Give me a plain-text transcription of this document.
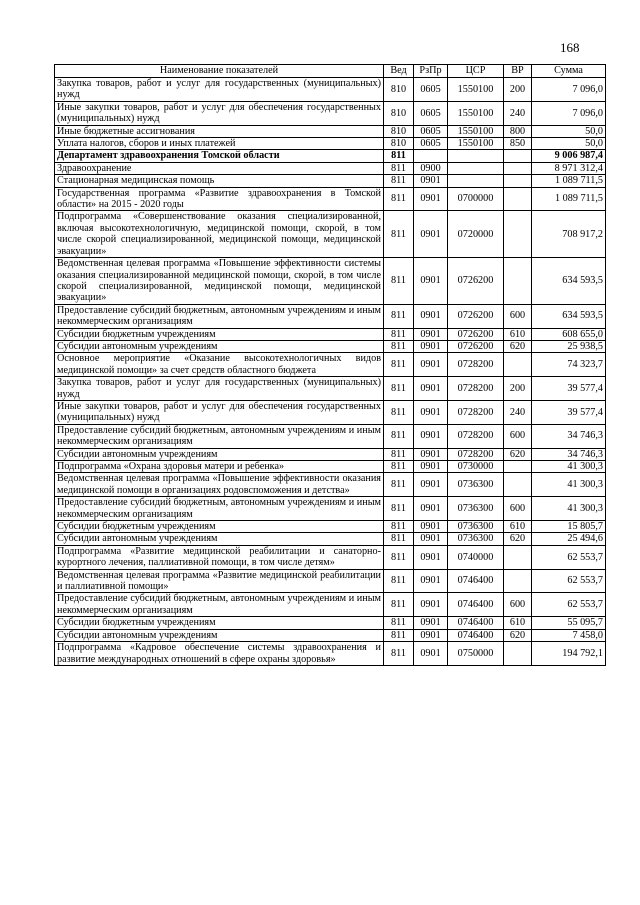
168
Наименование показателей	Вед	РзПр	ЦСР	ВР	Сумма
Закупка товаров, работ и услуг для государственных (муниципальных) нужд	810	0605	1550100	200	7 096,0
Иные закупки товаров, работ и услуг для обеспечения государственных (муниципальных) нужд	810	0605	1550100	240	7 096,0
Иные бюджетные ассигнования	810	0605	1550100	800	50,0
Уплата налогов, сборов и иных платежей	810	0605	1550100	850	50,0
Департамент здравоохранения Томской области	811				9 006 987,4
Здравоохранение	811	0900			8 971 312,4
Стационарная медицинская помощь	811	0901			1 089 711,5
Государственная программа «Развитие здравоохранения в Томской области» на 2015 - 2020 годы	811	0901	0700000		1 089 711,5
Подпрограмма «Совершенствование оказания специализированной, включая высокотехнологичную, медицинской помощи, скорой, в том числе скорой специализированной, медицинской помощи, медицинской эвакуации»	811	0901	0720000		708 917,2
Ведомственная целевая программа «Повышение эффективности системы оказания специализированной медицинской помощи, скорой, в том числе скорой специализированной, медицинской помощи, медицинской эвакуации»	811	0901	0726200		634 593,5
Предоставление субсидий бюджетным, автономным учреждениям и иным некоммерческим организациям	811	0901	0726200	600	634 593,5
Субсидии бюджетным учреждениям	811	0901	0726200	610	608 655,0
Субсидии автономным учреждениям	811	0901	0726200	620	25 938,5
Основное мероприятие «Оказание высокотехнологичных видов медицинской помощи» за счет средств областного бюджета	811	0901	0728200		74 323,7
Закупка товаров, работ и услуг для государственных (муниципальных) нужд	811	0901	0728200	200	39 577,4
Иные закупки товаров, работ и услуг для обеспечения государственных (муниципальных) нужд	811	0901	0728200	240	39 577,4
Предоставление субсидий бюджетным, автономным учреждениям и иным некоммерческим организациям	811	0901	0728200	600	34 746,3
Субсидии автономным учреждениям	811	0901	0728200	620	34 746,3
Подпрограмма «Охрана здоровья матери и ребенка»	811	0901	0730000		41 300,3
Ведомственная целевая программа «Повышение эффективности оказания медицинской помощи в организациях родовспоможения и детства»	811	0901	0736300		41 300,3
Предоставление субсидий бюджетным, автономным учреждениям и иным некоммерческим организациям	811	0901	0736300	600	41 300,3
Субсидии бюджетным учреждениям	811	0901	0736300	610	15 805,7
Субсидии автономным учреждениям	811	0901	0736300	620	25 494,6
Подпрограмма «Развитие медицинской реабилитации и санаторно-курортного лечения, паллиативной помощи, в том числе детям»	811	0901	0740000		62 553,7
Ведомственная целевая программа «Развитие медицинской реабилитации и паллиативной помощи»	811	0901	0746400		62 553,7
Предоставление субсидий бюджетным, автономным учреждениям и иным некоммерческим организациям	811	0901	0746400	600	62 553,7
Субсидии бюджетным учреждениям	811	0901	0746400	610	55 095,7
Субсидии автономным учреждениям	811	0901	0746400	620	7 458,0
Подпрограмма «Кадровое обеспечение системы здравоохранения и развитие международных отношений в сфере охраны здоровья»	811	0901	0750000		194 792,1
